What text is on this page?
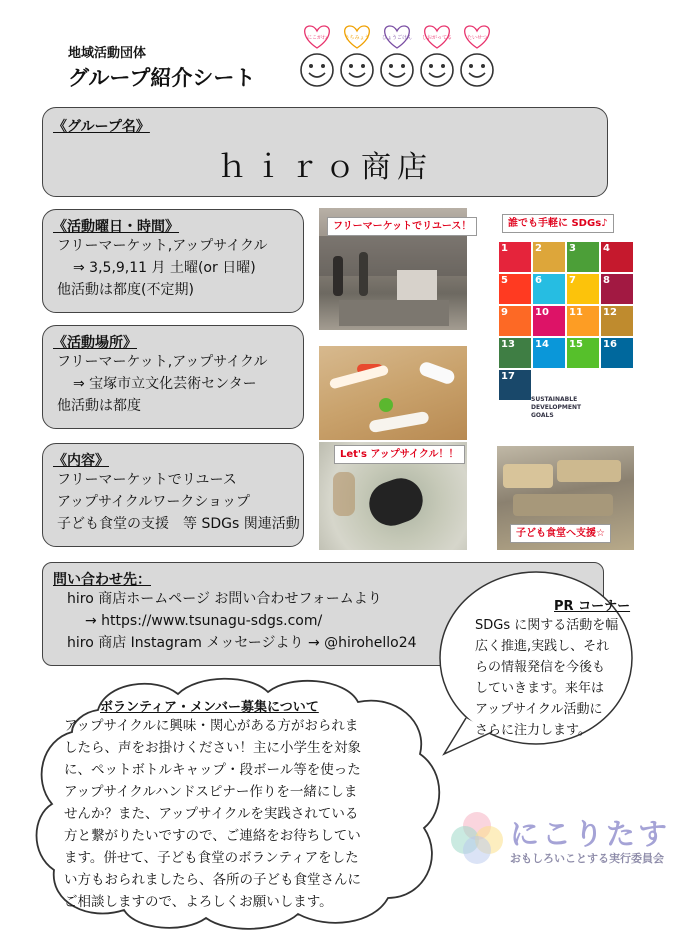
地域活動団体
グループ紹介シート
にこがわ	うちみょう ひょうごけん しおがってる	たいせつ
《グループ名》
ｈｉｒｏ商店
《活動曜日・時間》
フリーマーケット,アップサイクル
⇒ 3,5,9,11 月 土曜(or 日曜)
他活動は都度(不定期)
《活動場所》
フリーマーケット,アップサイクル
⇒ 宝塚市立文化芸術センター
他活動は都度
《内容》
フリーマーケットでリユース
アップサイクルワークショップ
子ども食堂の支援　等 SDGs 関連活動
フリーマーケットでリユース！
1	2	3	4
5	6	7	8
9	10	11	12
13	14	15	16
17
SUSTAINABLE DEVELOPMENT GOALS
誰でも手軽に SDGs♪
Let's アップサイクル！！
子ども食堂へ支援☆
問い合わせ先：
hiro 商店ホームページ お問い合わせフォームより
→ https://www.tsunagu-sdgs.com/
hiro 商店 Instagram メッセージより → @hirohello24
PR コーナー
SDGs に関する活動を幅
広く推進,実践し、それ
らの情報発信を今後も
していきます。来年は
アップサイクル活動に
さらに注力します。
ボランティア・メンバー募集について
アップサイクルに興味・関心がある方がおられま
したら、声をお掛けください！主に小学生を対象
に、ペットボトルキャップ・段ボール等を使った
アップサイクルハンドスピナー作りを一緒にしま
せんか？また、アップサイクルを実践されている
方と繋がりたいですので、ご連絡をお待ちしてい
ます。併せて、子ども食堂のボランティアをした
い方もおられましたら、各所の子ども食堂さんに
ご相談しますので、よろしくお願いします。
にこりたす
おもしろいことする実行委員会
